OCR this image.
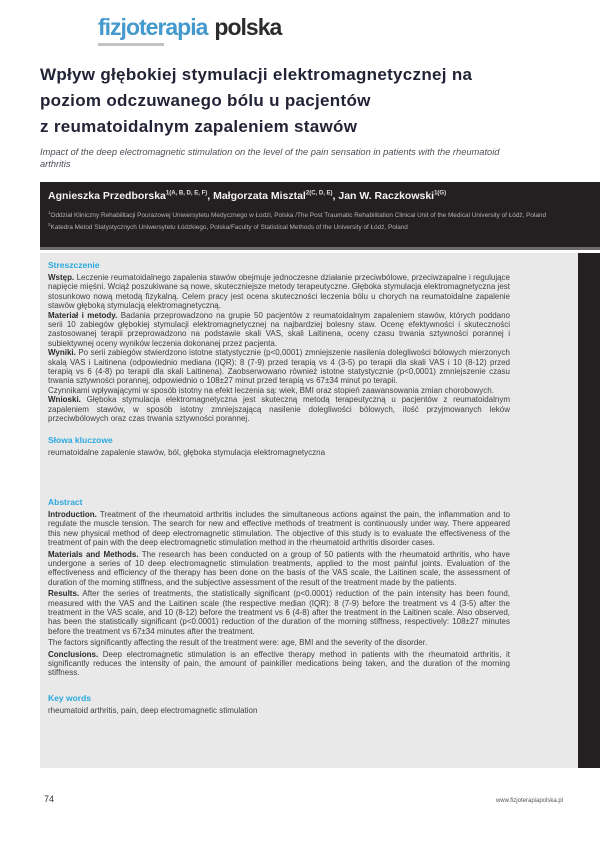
fizjoterapia polska
Wpływ głębokiej stymulacji elektromagnetycznej na
poziom odczuwanego bólu u pacjentów
z reumatoidalnym zapaleniem stawów
Impact of the deep electromagnetic stimulation on the level of the pain sensation in patients with the rheumatoid arthritis
Agnieszka Przedborska$^{1(A, B, D, E, F)}$, Małgorzata Misztal$^{2(C, D, E)}$, Jan W. Raczkowski$^{1(G)}$

$^1$Oddział Kliniczny Rehabilitacji Pourazowej Uniwersytetu Medycznego w Łodzi, Polska /The Post Traumatic Rehabilitation Clinical Unit of the Medical University of Łódź, Poland

$^2$Katedra Metod Statystycznych Uniwersytetu Łódzkiego, Polska/Faculty of Statistical Methods of the University of Łódź, Poland

Streszczenie

Wstęp. Leczenie reumatoidalnego zapalenia stawów obejmuje jednoczesne działanie przeciwbólowe, przeciwzapalne i regulujące napięcie mięśni. Wciąż poszukiwane są nowe, skuteczniejsze metody terapeutyczne. Głęboka stymulacja elektromagnetyczna jest stosunkowo nową metodą fizykalną. Celem pracy jest ocena skuteczności leczenia bólu u chorych na reumatoidalne zapalenie stawów głęboką stymulacją elektromagnetyczną.

Materiał i metody. Badania przeprowadzono na grupie 50 pacjentów z reumatoidalnym zapaleniem stawów, których poddano serii 10 zabiegów głębokiej stymulacji elektromagnetycznej na najbardziej bolesny staw. Ocenę efektywności i skuteczności zastosowanej terapii przeprowadzono na podstawie skali VAS, skali Laitinena, oceny czasu trwania sztywności porannej i subiektywnej oceny wyników leczenia dokonanej przez pacjenta.

Wyniki. Po serii zabiegów stwierdzono istotne statystycznie (p<0,0001) zmniejszenie nasilenia dolegliwości bólowych mierzonych skalą VAS i Laitinena (odpowiednio mediana (IQR): 8 (7-9) przed terapią vs 4 (3-5) po terapii dla skali VAS i 10 (8-12) przed terapią vs 6 (4-8) po terapii dla skali Laitinena). Zaobserwowano również istotne statystycznie (p<0,0001) zmniejszenie czasu trwania sztywności porannej, odpowiednio o 108±27 minut przed terapią vs 67±34 minut po terapii.

Czynnikami wpływającymi w sposób istotny na efekt leczenia są: wiek, BMI oraz stopień zaawansowania zmian chorobowych.

Wnioski. Głęboka stymulacja elektromagnetyczna jest skuteczną metodą terapeutyczną u pacjentów z reumatoidalnym zapaleniem stawów, w sposób istotny zmniejszającą nasilenie dolegliwości bólowych, ilość przyjmowanych leków przeciwbólowych oraz czas trwania sztywności porannej.

Słowa kluczowe

reumatoidalne zapalenie stawów, ból, głęboka stymulacja elektromagnetyczna

Abstract

Introduction. Treatment of the rheumatoid arthritis includes the simultaneous actions against the pain, the inflammation and to regulate the muscle tension. The search for new and effective methods of treatment is continuously under way. There appeared this new physical method of deep electromagnetic stimulation. The objective of this study is to evaluate the effectiveness of the treatment of pain with the deep electromagnetic stimulation method in the rheumatoid arthritis disorder cases.

Materials and Methods. The research has been conducted on a group of 50 patients with the rheumatoid arthritis, who have undergone a series of 10 deep electromagnetic stimulation treatments, applied to the most painful joints. Evaluation of the effectiveness and efficiency of the therapy has been done on the basis of the VAS scale, the Laitinen scale, the assessment of duration of the morning stiffness, and the subjective assessment of the result of the treatment made by the patients.

Results. After the series of treatments, the statistically significant (p<0.0001) reduction of the pain intensity has been found, measured with the VAS and the Laitinen scale (the respective median (IQR): 8 (7-9) before the treatment vs 4 (3-5) after the treatment in the VAS scale, and 10 (8-12) before the treatment vs 6 (4-8) after the treatment in the Laitinen scale. Also observed, has been the statistically significant (p<0.0001) reduction of the duration of the morning stiffness, respectively: 108±27 minutes before the treatment vs 67±34 minutes after the treatment.

The factors significantly affecting the result of the treatment were: age, BMI and the severity of the disorder.

Conclusions. Deep electromagnetic stimulation is an effective therapy method in patients with the rheumatoid arthritis, it significantly reduces the intensity of pain, the amount of painkiller medications being taken, and the duration of the morning stiffness.

Key words

rheumatoid arthritis, pain, deep electromagnetic stimulation

74	www.fizjoterapiapolska.pl
